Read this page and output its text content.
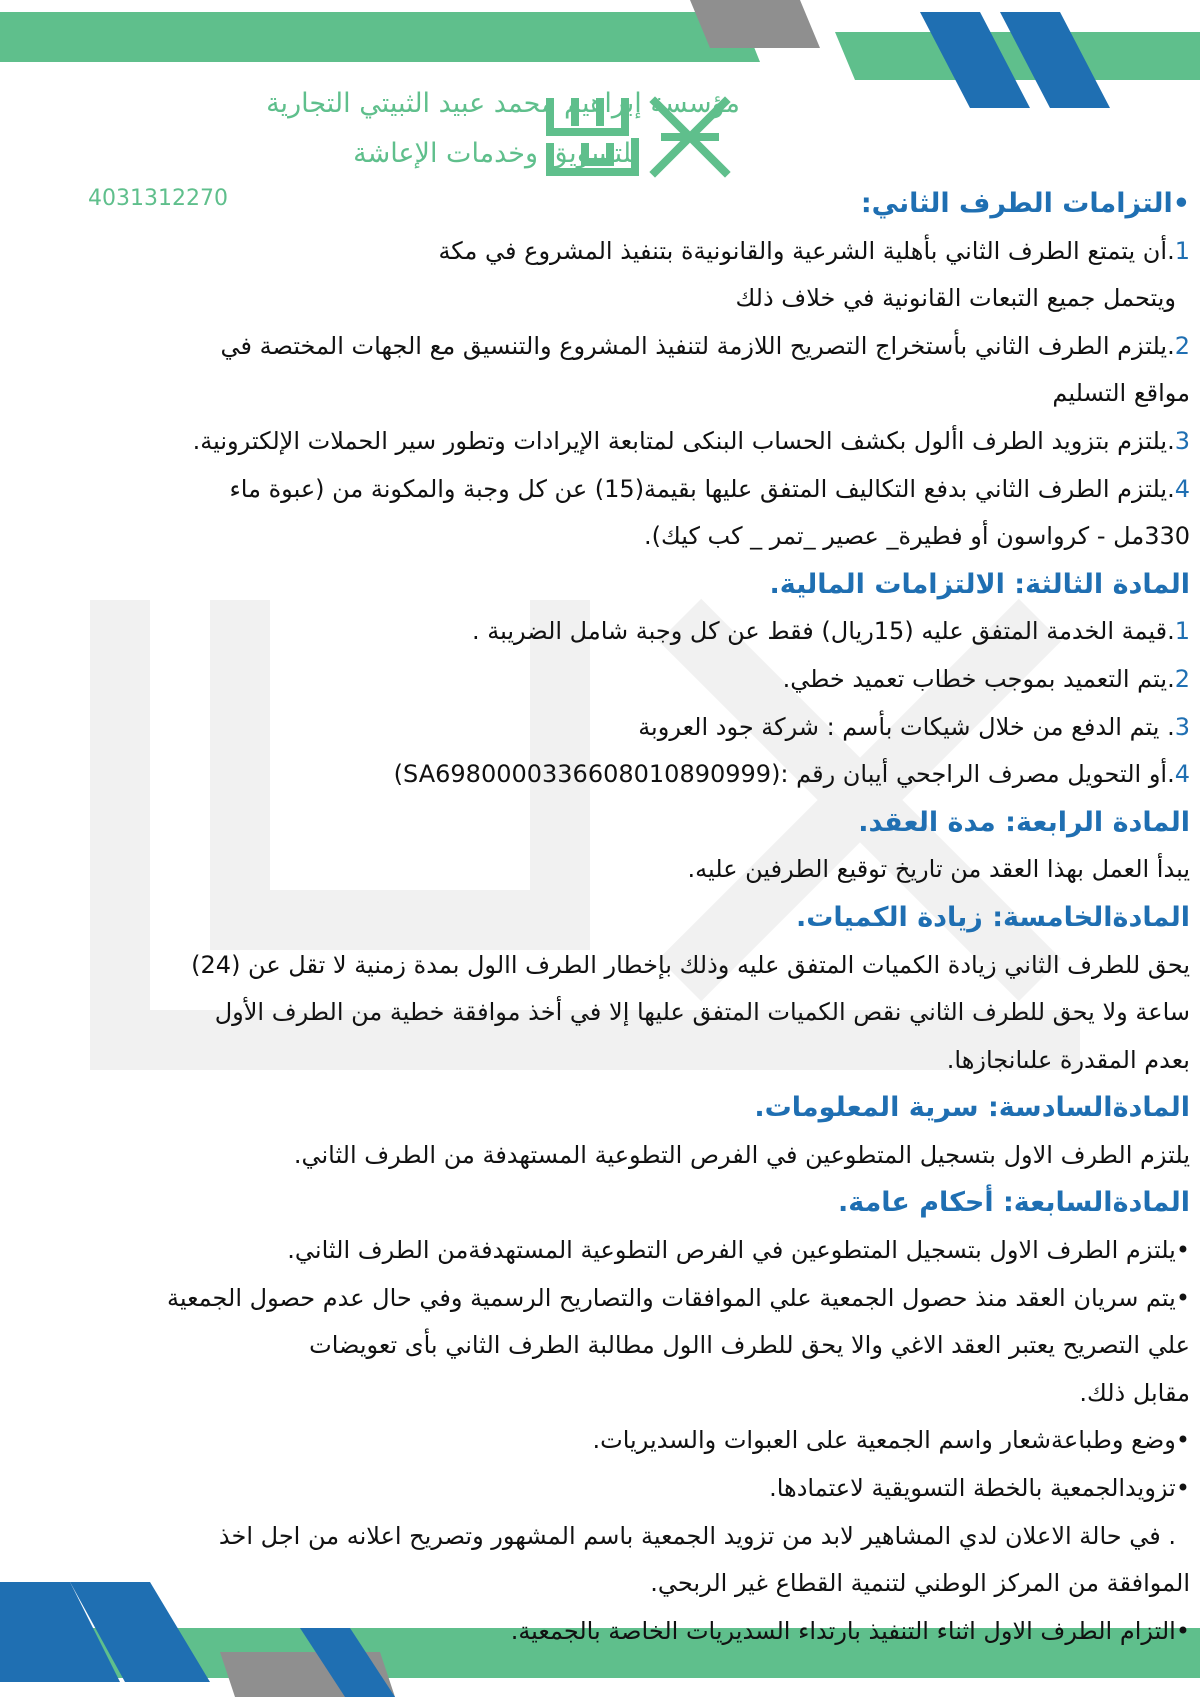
مؤسسة إبراهيم محمد عبيد الثبيتي التجارية
للتسويق وخدمات الإعاشة
4031312270	•التزامات الطرف الثاني:
1.أن يتمتع الطرف الثاني بأهلية الشرعية والقانونيةة بتنفيذ المشروع في مكة
ويتحمل جميع التبعات القانونية في خلاف ذلك
2.يلتزم الطرف الثاني بأستخراج التصريح اللازمة لتنفيذ المشروع والتنسيق مع الجهات المختصة في
مواقع التسليم
3.يلتزم بتزويد الطرف األول بكشف الحساب البنكى لمتابعة الإيرادات وتطور سير الحملات الإلكترونية.
4.يلتزم الطرف الثاني بدفع التكاليف المتفق عليها بقيمة(15) عن كل وجبة والمكونة من (عبوة ماء
330مل - كرواسون أو فطيرة_ عصير _تمر _ كب كيك).
المادة الثالثة: الالتزامات المالية.
1.قيمة الخدمة المتفق عليه (15ريال) فقط عن كل وجبة شامل الضريبة .
2.يتم التعميد بموجب خطاب تعميد خطي.
3. يتم الدفع من خلال شيكات بأسم : شركة جود العروبة
4.أو التحويل مصرف الراجحي أيبان رقم :(SA6980000336608010890999)
المادة الرابعة: مدة العقد.
يبدأ العمل بهذا العقد من تاريخ توقيع الطرفين عليه.
المادةالخامسة: زيادة الكميات.
يحق للطرف الثاني زيادة الكميات المتفق عليه وذلك بإخطار الطرف االول بمدة زمنية لا تقل عن (24)
ساعة ولا يحق للطرف الثاني نقص الكميات المتفق عليها إلا في أخذ موافقة خطية من الطرف الأول
بعدم المقدرة علىانجازها.
المادةالسادسة: سرية المعلومات.
يلتزم الطرف الاول بتسجيل المتطوعين في الفرص التطوعية المستهدفة من الطرف الثاني.
المادةالسابعة: أحكام عامة.
•يلتزم الطرف الاول بتسجيل المتطوعين في الفرص التطوعية المستهدفةمن الطرف الثاني.
•يتم سريان العقد منذ حصول الجمعية علي الموافقات والتصاريح الرسمية وفي حال عدم حصول الجمعية
علي التصريح يعتبر العقد الاغي والا يحق للطرف االول مطالبة الطرف الثاني بأى تعويضات
مقابل ذلك.
•وضع وطباعةشعار واسم الجمعية على العبوات والسديريات.
•تزويدالجمعية بالخطة التسويقية لاعتمادها.
. في حالة الاعلان لدي المشاهير لابد من تزويد الجمعية باسم المشهور وتصريح اعلانه من اجل اخذ
الموافقة من المركز الوطني لتنمية القطاع غير الربحي.
•التزام الطرف الاول اثناء التنفيذ بارتداء السديريات الخاصة بالجمعية.
